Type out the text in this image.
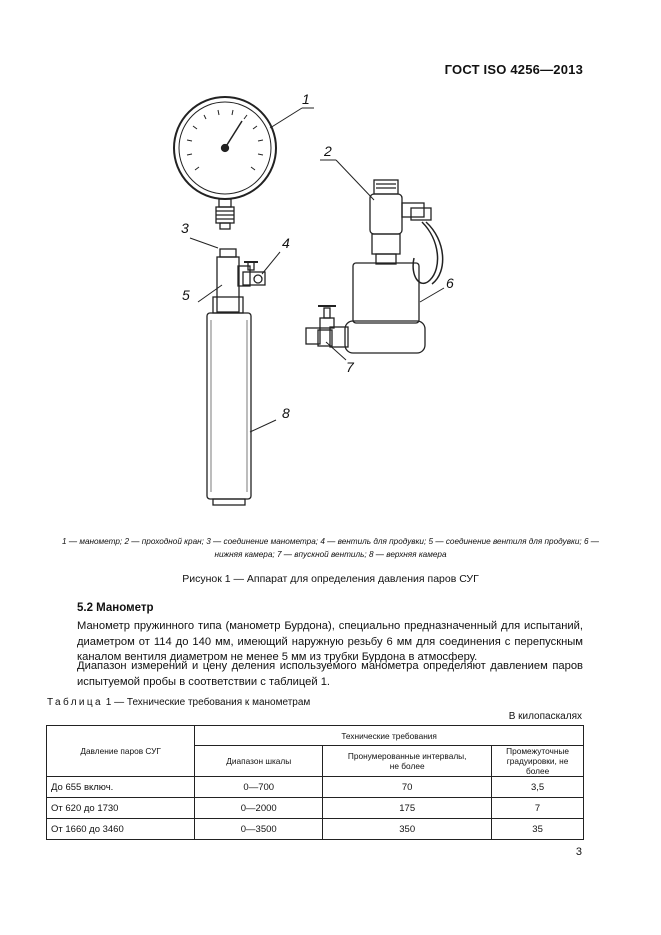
ГОСТ ISO 4256—2013
1
2
3
4
5
6
7
8
1 — манометр; 2 — проходной кран; 3 — соединение манометра; 4 — вентиль для продувки; 5 — соединение вентиля для продувки; 6 — нижняя камера; 7 — впускной вентиль; 8 — верхняя камера
Рисунок 1 — Аппарат для определения давления паров СУГ
5.2 Манометр
Манометр пружинного типа (манометр Бурдона), специально предназначенный для испытаний, диаметром от 114 до 140 мм, имеющий наружную резьбу 6 мм для соединения с перепускным каналом вентиля диаметром не менее 5 мм из трубки Бурдона в атмосферу.
Диапазон измерений и цену деления используемого манометра определяют давлением паров испытуемой пробы в соответствии с таблицей 1.
Таблица 1 — Технические требования к манометрам
В килопаскалях
Давление паров СУГ	Технические требования		
	Диапазон шкалы	Пронумерованные интервалы, не более	Промежуточные градуировки, не более
До 655 включ.	0—700	70	3,5
От 620 до 1730	0—2000	175	7
От 1660 до 3460	0—3500	350	35
3
